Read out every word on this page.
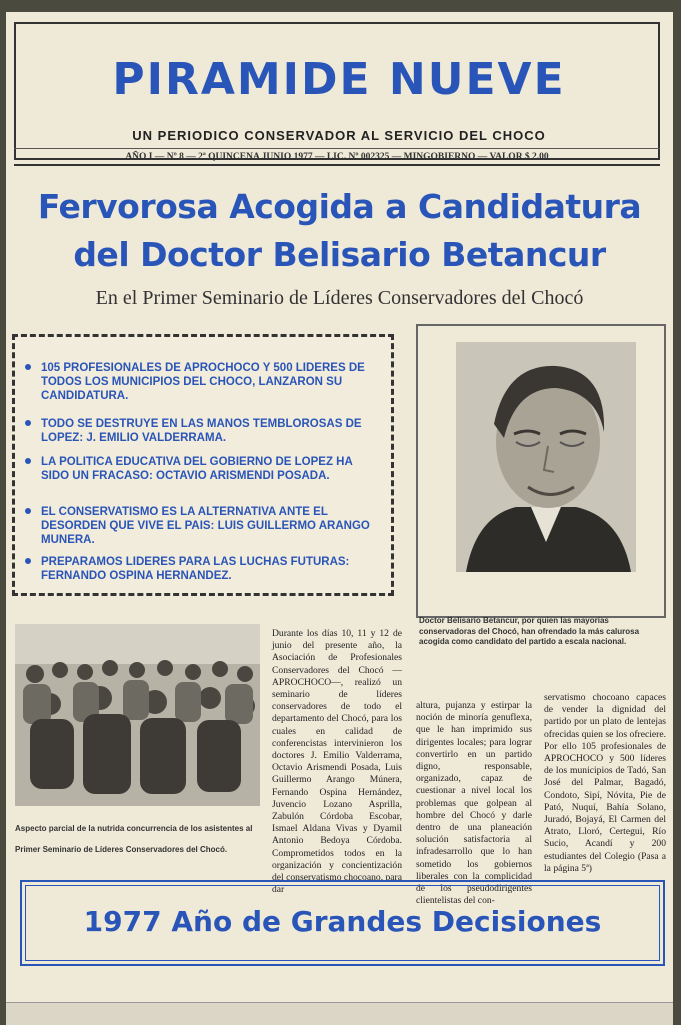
PIRAMIDE NUEVE
UN PERIODICO CONSERVADOR AL SERVICIO DEL CHOCO
AÑO I — Nº 8 — 2ª QUINCENA JUNIO 1977 — LIC. Nº 002325 — MINGOBIERNO — VALOR $ 2.00
Fervorosa Acogida a Candidatura
del Doctor Belisario Betancur
En el Primer Seminario de Líderes Conservadores del Chocó
105 PROFESIONALES DE APROCHOCO Y 500 LIDERES DE TODOS LOS MUNICIPIOS DEL CHOCO, LANZARON SU CANDIDATURA.
TODO SE DESTRUYE EN LAS MANOS TEMBLOROSAS DE LOPEZ: J. EMILIO VALDERRAMA.
LA POLITICA EDUCATIVA DEL GOBIERNO DE LOPEZ HA SIDO UN FRACASO: OCTAVIO ARISMENDI POSADA.
EL CONSERVATISMO ES LA ALTERNATIVA ANTE EL DESORDEN QUE VIVE EL PAIS: LUIS GUILLERMO ARANGO MUNERA.
PREPARAMOS LIDERES PARA LAS LUCHAS FUTURAS: FERNANDO OSPINA HERNANDEZ.
Doctor Belisario Betancur, por quien las mayorías conservadoras del Chocó, han ofrendado la más calurosa acogida como candidato del partido a escala nacional.
Aspecto parcial de la nutrida concurrencia de los asistentes al Primer Seminario de Líderes Conservadores del Chocó.
Durante los días 10, 11 y 12 de junio del presente año, la Asociación de Profesionales Conservadores del Chocó —APROCHOCO—, realizó un seminario de líderes conservadores de todo el departamento del Chocó, para los cuales en calidad de conferencistas intervinieron los doctores J. Emilio Valderrama, Octavio Arismendi Posada, Luis Guillermo Arango Múnera, Fernando Ospina Hernández, Juvencio Lozano Asprilla, Zabulón Córdoba Escobar, Ismael Aldana Vivas y Dyamil Antonio Bedoya Córdoba. Comprometidos todos en la organización y concientización del conservatismo chocoano, para dar
altura, pujanza y estirpar la noción de minoría genuflexa, que le han imprimido sus dirigentes locales; para lograr convertirlo en un partido digno, responsable, organizado, capaz de cuestionar a nivel local los problemas que golpean al hombre del Chocó y darle dentro de una planeación solución satisfactoria al infradesarrollo que lo han sometido los gobiernos liberales con la complicidad de los pseudodirigentes clientelistas del con-
servatismo chocoano capaces de vender la dignidad del partido por un plato de lentejas ofrecidas quien se los ofreciere. Por ello 105 profesionales de APROCHOCO y 500 líderes de los municipios de Tadó, San José del Palmar, Bagadó, Condoto, Sipí, Nóvita, Pie de Pató, Nuquí, Bahía Solano, Juradó, Bojayá, El Carmen del Atrato, Lloró, Certegui, Río Sucio, Acandí y 200 estudiantes del Colegio (Pasa a la página 5ª)
1977 Año de Grandes Decisiones
